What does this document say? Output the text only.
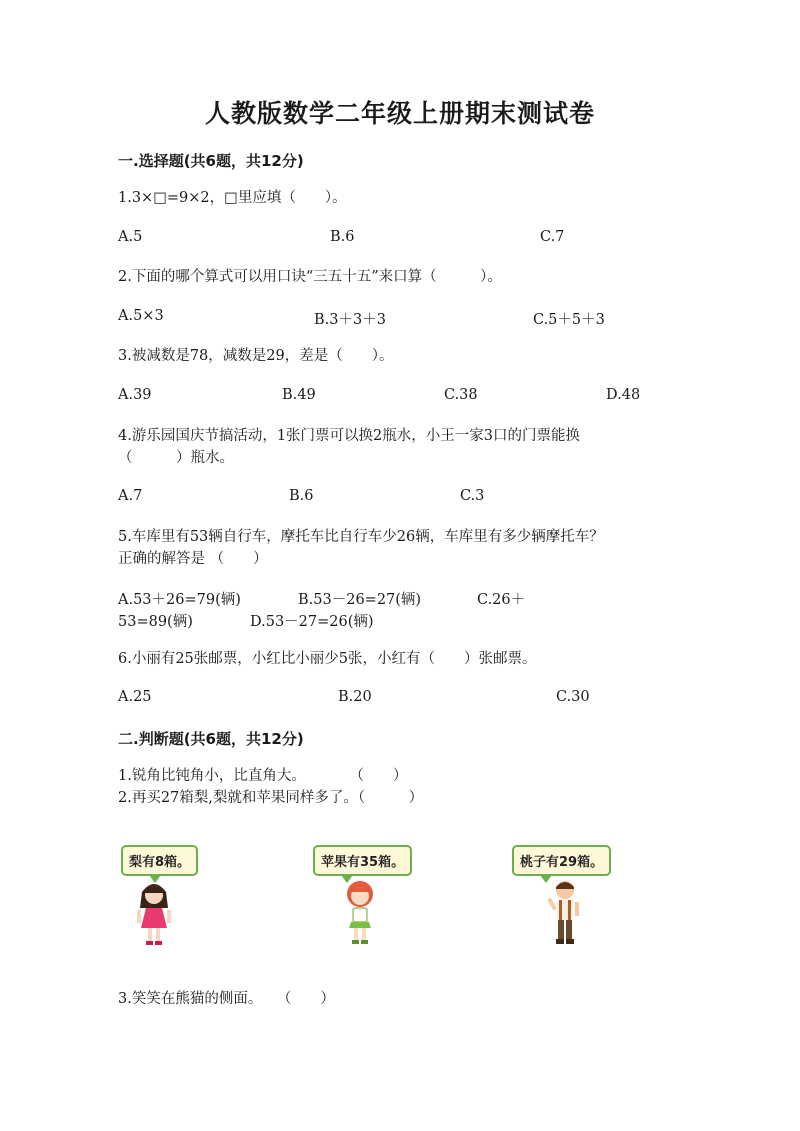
人教版数学二年级上册期末测试卷
一.选择题(共6题，共12分)
1.3×□=9×2，□里应填（　　）。
A.5	B.6	C.7
2.下面的哪个算式可以用口诀“三五十五”来口算（　　　）。
A.5×3	B.3＋3＋3	C.5＋5＋3
3.被减数是78，减数是29，差是（　　）。
A.39	B.49	C.38	D.48
4.游乐园国庆节搞活动，1张门票可以换2瓶水，小王一家3口的门票能换
（　　　）瓶水。
A.7	B.6	C.3
5.车库里有53辆自行车，摩托车比自行车少26辆，车库里有多少辆摩托车？
正确的解答是 （　　）
A.53＋26=79(辆)	B.53－26=27(辆)	C.26＋
53=89(辆)	D.53－27=26(辆)
6.小丽有25张邮票，小红比小丽少5张，小红有（　　）张邮票。
A.25	B.20	C.30
二.判断题(共6题，共12分)
1.锐角比钝角小，比直角大。　　　　（　　）
2.再买27箱梨,梨就和苹果同样多了。（　　　）
梨有8箱。	苹果有35箱。	桃子有29箱。
3.笑笑在熊猫的侧面。　　（　　）
